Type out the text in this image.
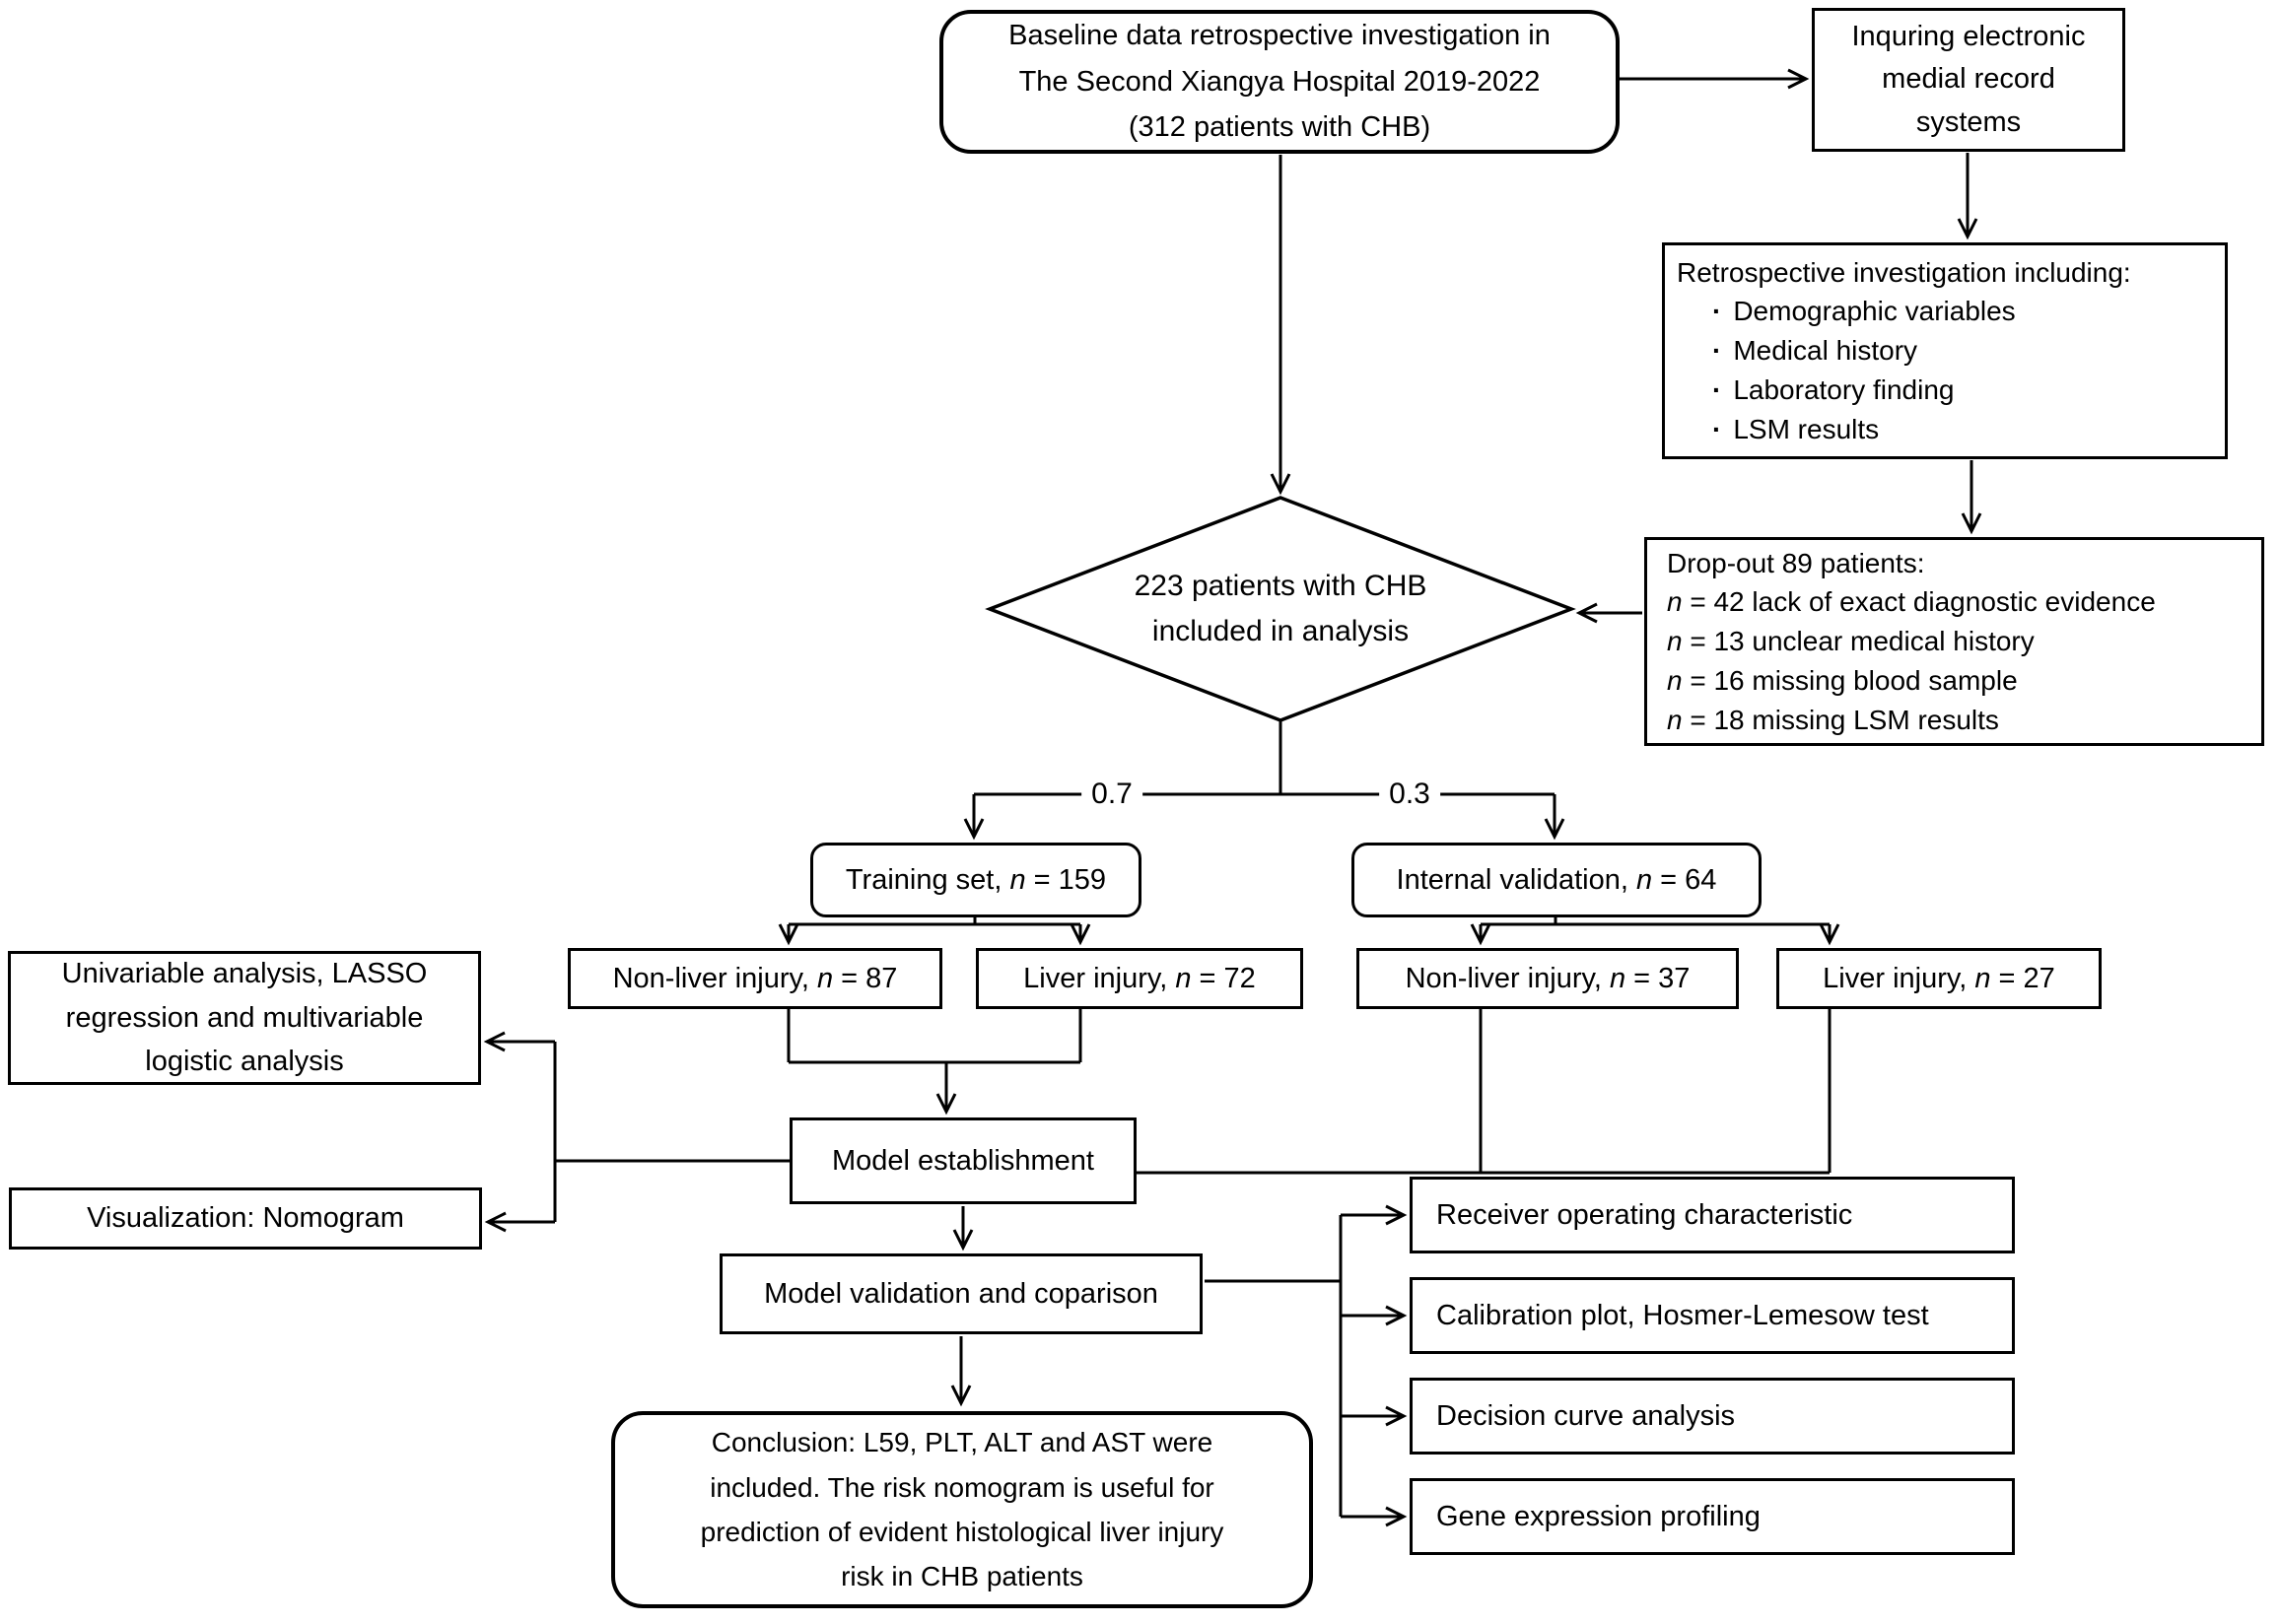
Baseline data retrospective investigation in
The Second Xiangya Hospital 2019-2022
(312 patients with CHB)
Inquring electronic
medial record
systems
Retrospective investigation including:
· Demographic variables
· Medical history
· Laboratory finding
· LSM results
Drop-out 89 patients:
n = 42 lack of exact diagnostic evidence
n = 13 unclear medical history
n = 16 missing blood sample
n = 18 missing LSM results
223 patients with CHB
included in analysis
0.7	0.3
Training set, n = 159	Internal validation, n = 64
Non-liver injury, n = 87	Liver injury, n = 72	Non-liver injury, n = 37	Liver injury, n = 27
Univariable analysis, LASSO
regression and multivariable
logistic analysis
Model establishment
Visualization: Nomogram
Model validation and coparison
Receiver operating characteristic
Calibration plot, Hosmer-Lemesow test
Decision curve analysis
Gene expression profiling
Conclusion: L59, PLT, ALT and AST were
included. The risk nomogram is useful for
prediction of evident histological liver injury
risk in CHB patients
